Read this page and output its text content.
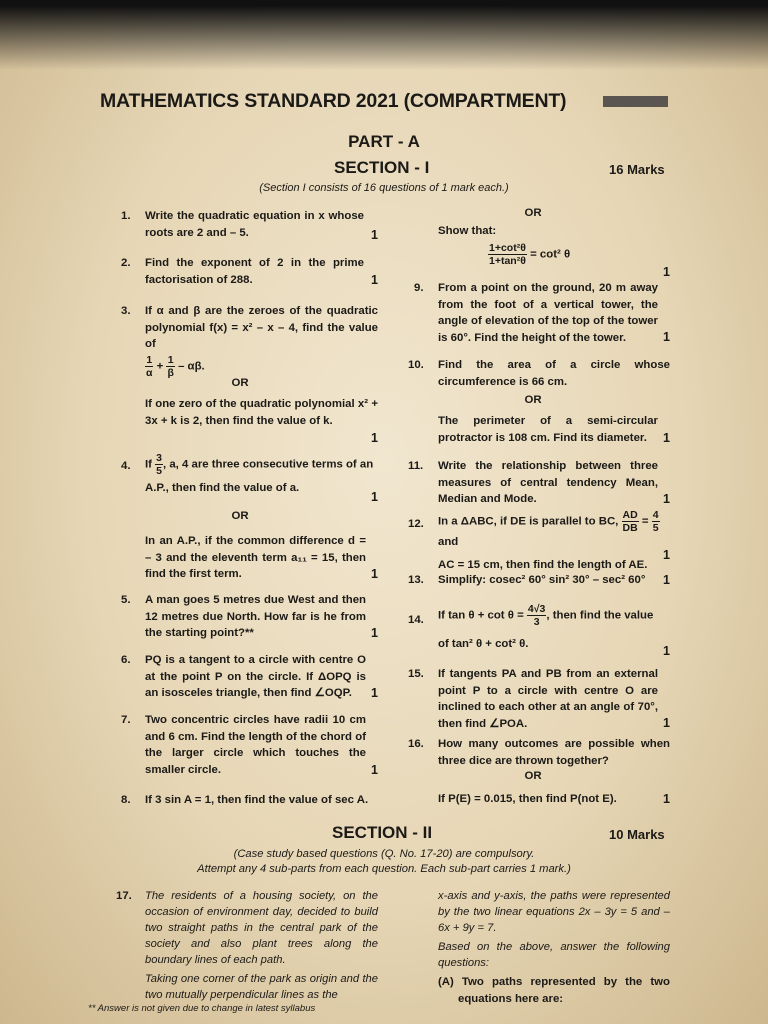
MATHEMATICS STANDARD 2021 (COMPARTMENT)
PART - A
SECTION - I	16 Marks
(Section I consists of 16 questions of 1 mark each.)
1. Write the quadratic equation in x whose roots are 2 and – 5.	1
2. Find the exponent of 2 in the prime factorisation of 288.	1
3. If α and β are the zeroes of the quadratic polynomial f(x) = x² – x – 4, find the value of
$\frac{1}{\alpha} + \frac{1}{\beta} - \alpha\beta$.
OR
If one zero of the quadratic polynomial x² + 3x + k is 2, then find the value of k.
1
4. If $\frac{3}{5}$ , a, 4 are three consecutive terms of an
A.P., then find the value of a.
1
OR
In an A.P., if the common difference d = – 3 and the eleventh term a₁₁ = 15, then find the first term.	1
5. A man goes 5 metres due West and then 12 metres due North. How far is he from the starting point?**	1
6. PQ is a tangent to a circle with centre O at the point P on the circle. If ΔOPQ is an isosceles triangle, then find ∠OQP.	1
7. Two concentric circles have radii 10 cm and 6 cm. Find the length of the chord of the larger circle which touches the smaller circle.	1
8. If 3 sin A = 1, then find the value of sec A.
OR
Show that:
$\frac{\text{1+cot²θ}}{\text{1+tan²θ}} = \cot^2$ θ
1
9. From a point on the ground, 20 m away from the foot of a vertical tower, the angle of elevation of the top of the tower is 60°. Find the height of the tower.	1
10. Find the area of a circle whose circumference is 66 cm.
OR
The perimeter of a semi-circular protractor is 108 cm. Find its diameter.	1
11. Write the relationship between three measures of central tendency Mean, Median and Mode.	1
12. In a ΔABC, if DE is parallel to BC, $\frac{AD}{DB} = \frac{4}{5}$
and
AC = 15 cm, then find the length of AE.
1
13. Simplify: cosec² 60° sin² 30° – sec² 60° 1
14. If $\tan \theta + \cot \theta = \frac{4√3}{3}$ , then find the value
of tan² θ + cot² θ.	1
15. If tangents PA and PB from an external point P to a circle with centre O are inclined to each other at an angle of 70°, then find ∠POA.	1
16. How many outcomes are possible when three dice are thrown together?
OR
If P(E) = 0.015, then find P(not E).	1
SECTION - II	10 Marks
(Case study based questions (Q. No. 17-20) are compulsory.
Attempt any 4 sub-parts from each question. Each sub-part carries 1 mark.)
17. The residents of a housing society, on the occasion of environment day, decided to build two straight paths in the central park of the society and also plant trees along the boundary lines of each path.
Taking one corner of the park as origin and the two mutually perpendicular lines as the
x-axis and y-axis, the paths were represented by the two linear equations 2x – 3y = 5 and – 6x + 9y = 7.
Based on the above, answer the following questions:
(A) Two paths represented by the two equations here are:
** Answer is not given due to change in latest syllabus
